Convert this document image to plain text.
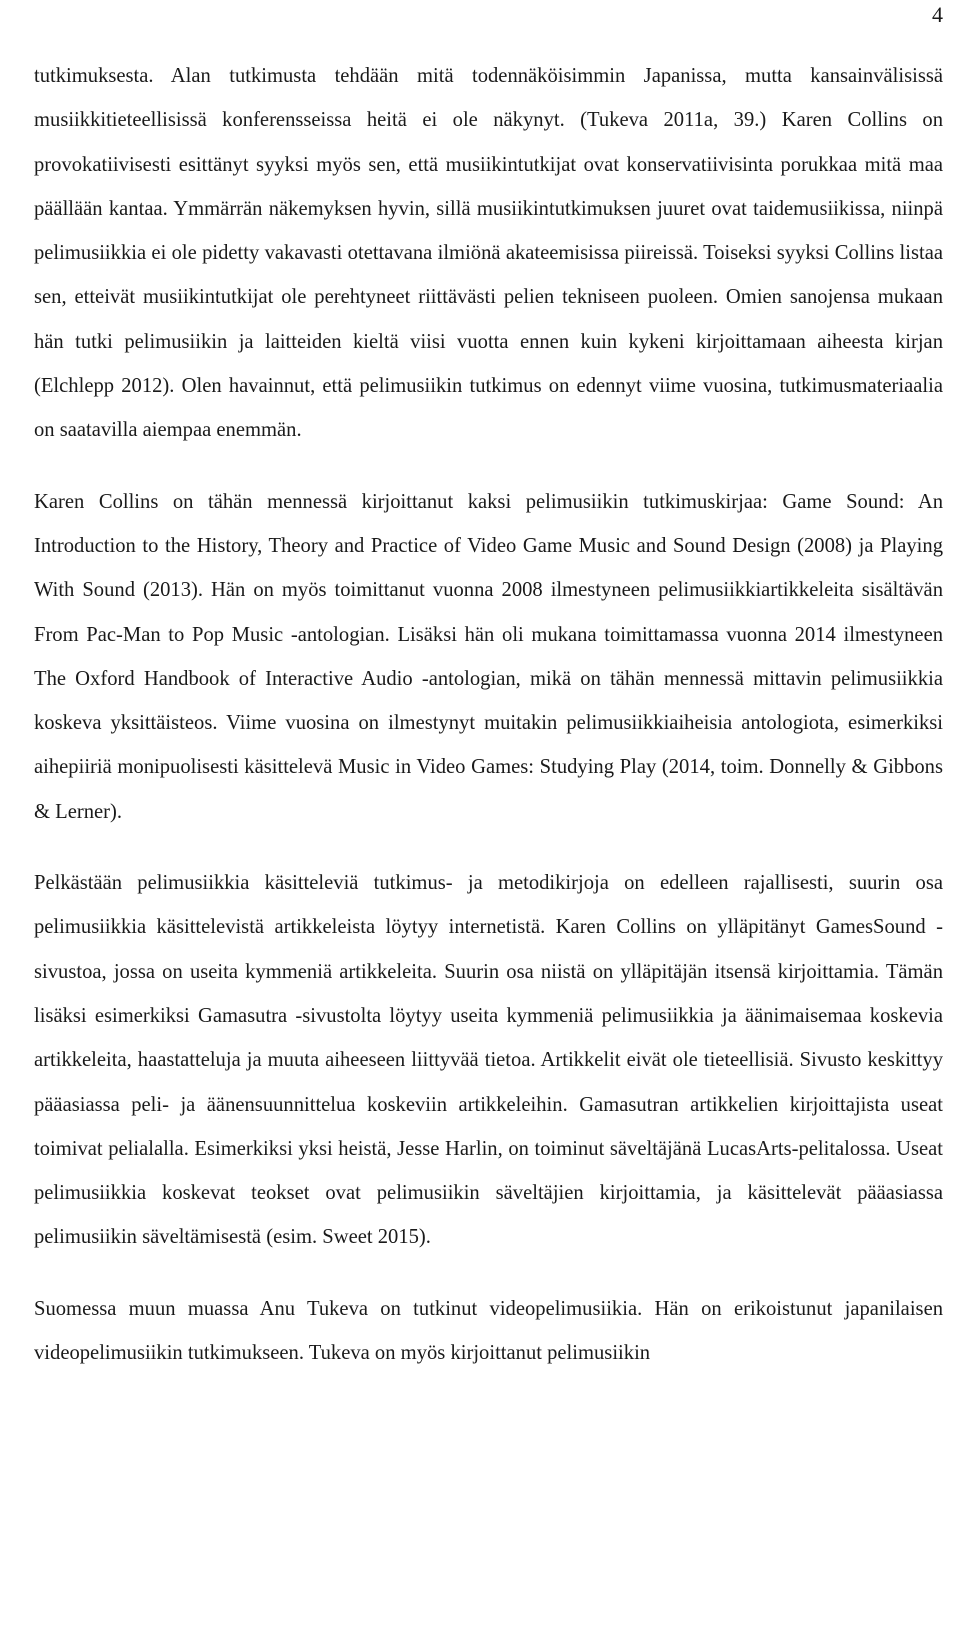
4

tutkimuksesta. Alan tutkimusta tehdään mitä todennäköisimmin Japanissa, mutta kansainvälisissä musiikkitieteellisissä konferensseissa heitä ei ole näkynyt. (Tukeva 2011a, 39.) Karen Collins on provokatiivisesti esittänyt syyksi myös sen, että musiikintutkijat ovat konservatiivisinta porukkaa mitä maa päällään kantaa. Ymmärrän näkemyksen hyvin, sillä musiikintutkimuksen juuret ovat taidemusiikissa, niinpä pelimusiikkia ei ole pidetty vakavasti otettavana ilmiönä akateemisissa piireissä. Toiseksi syyksi Collins listaa sen, etteivät musiikintutkijat ole perehtyneet riittävästi pelien tekniseen puoleen. Omien sanojensa mukaan hän tutki pelimusiikin ja laitteiden kieltä viisi vuotta ennen kuin kykeni kirjoittamaan aiheesta kirjan (Elchlepp 2012). Olen havainnut, että pelimusiikin tutkimus on edennyt viime vuosina, tutkimusmateriaalia on saatavilla aiempaa enemmän.

Karen Collins on tähän mennessä kirjoittanut kaksi pelimusiikin tutkimuskirjaa: Game Sound: An Introduction to the History, Theory and Practice of Video Game Music and Sound Design (2008) ja Playing With Sound (2013). Hän on myös toimittanut vuonna 2008 ilmestyneen pelimusiikkiartikkeleita sisältävän From Pac-Man to Pop Music -antologian. Lisäksi hän oli mukana toimittamassa vuonna 2014 ilmestyneen The Oxford Handbook of Interactive Audio -antologian, mikä on tähän mennessä mittavin pelimusiikkia koskeva yksittäisteos. Viime vuosina on ilmestynyt muitakin pelimusiikkiaiheisia antologiota, esimerkiksi aihepiiriä monipuolisesti käsittelevä Music in Video Games: Studying Play (2014, toim. Donnelly & Gibbons & Lerner).

Pelkästään pelimusiikkia käsitteleviä tutkimus- ja metodikirjoja on edelleen rajallisesti, suurin osa pelimusiikkia käsittelevistä artikkeleista löytyy internetistä. Karen Collins on ylläpitänyt GamesSound -sivustoa, jossa on useita kymmeniä artikkeleita. Suurin osa niistä on ylläpitäjän itsensä kirjoittamia. Tämän lisäksi esimerkiksi Gamasutra -sivustolta löytyy useita kymmeniä pelimusiikkia ja äänimaisemaa koskevia artikkeleita, haastatteluja ja muuta aiheeseen liittyvää tietoa. Artikkelit eivät ole tieteellisiä. Sivusto keskittyy pääasiassa peli- ja äänensuunnittelua koskeviin artikkeleihin. Gamasutran artikkelien kirjoittajista useat toimivat pelialalla. Esimerkiksi yksi heistä, Jesse Harlin, on toiminut säveltäjänä LucasArts-pelitalossa. Useat pelimusiikkia koskevat teokset ovat pelimusiikin säveltäjien kirjoittamia, ja käsittelevät pääasiassa pelimusiikin säveltämisestä (esim. Sweet 2015).

Suomessa muun muassa Anu Tukeva on tutkinut videopelimusiikia. Hän on erikoistunut japanilaisen videopelimusiikin tutkimukseen. Tukeva on myös kirjoittanut pelimusiikin
